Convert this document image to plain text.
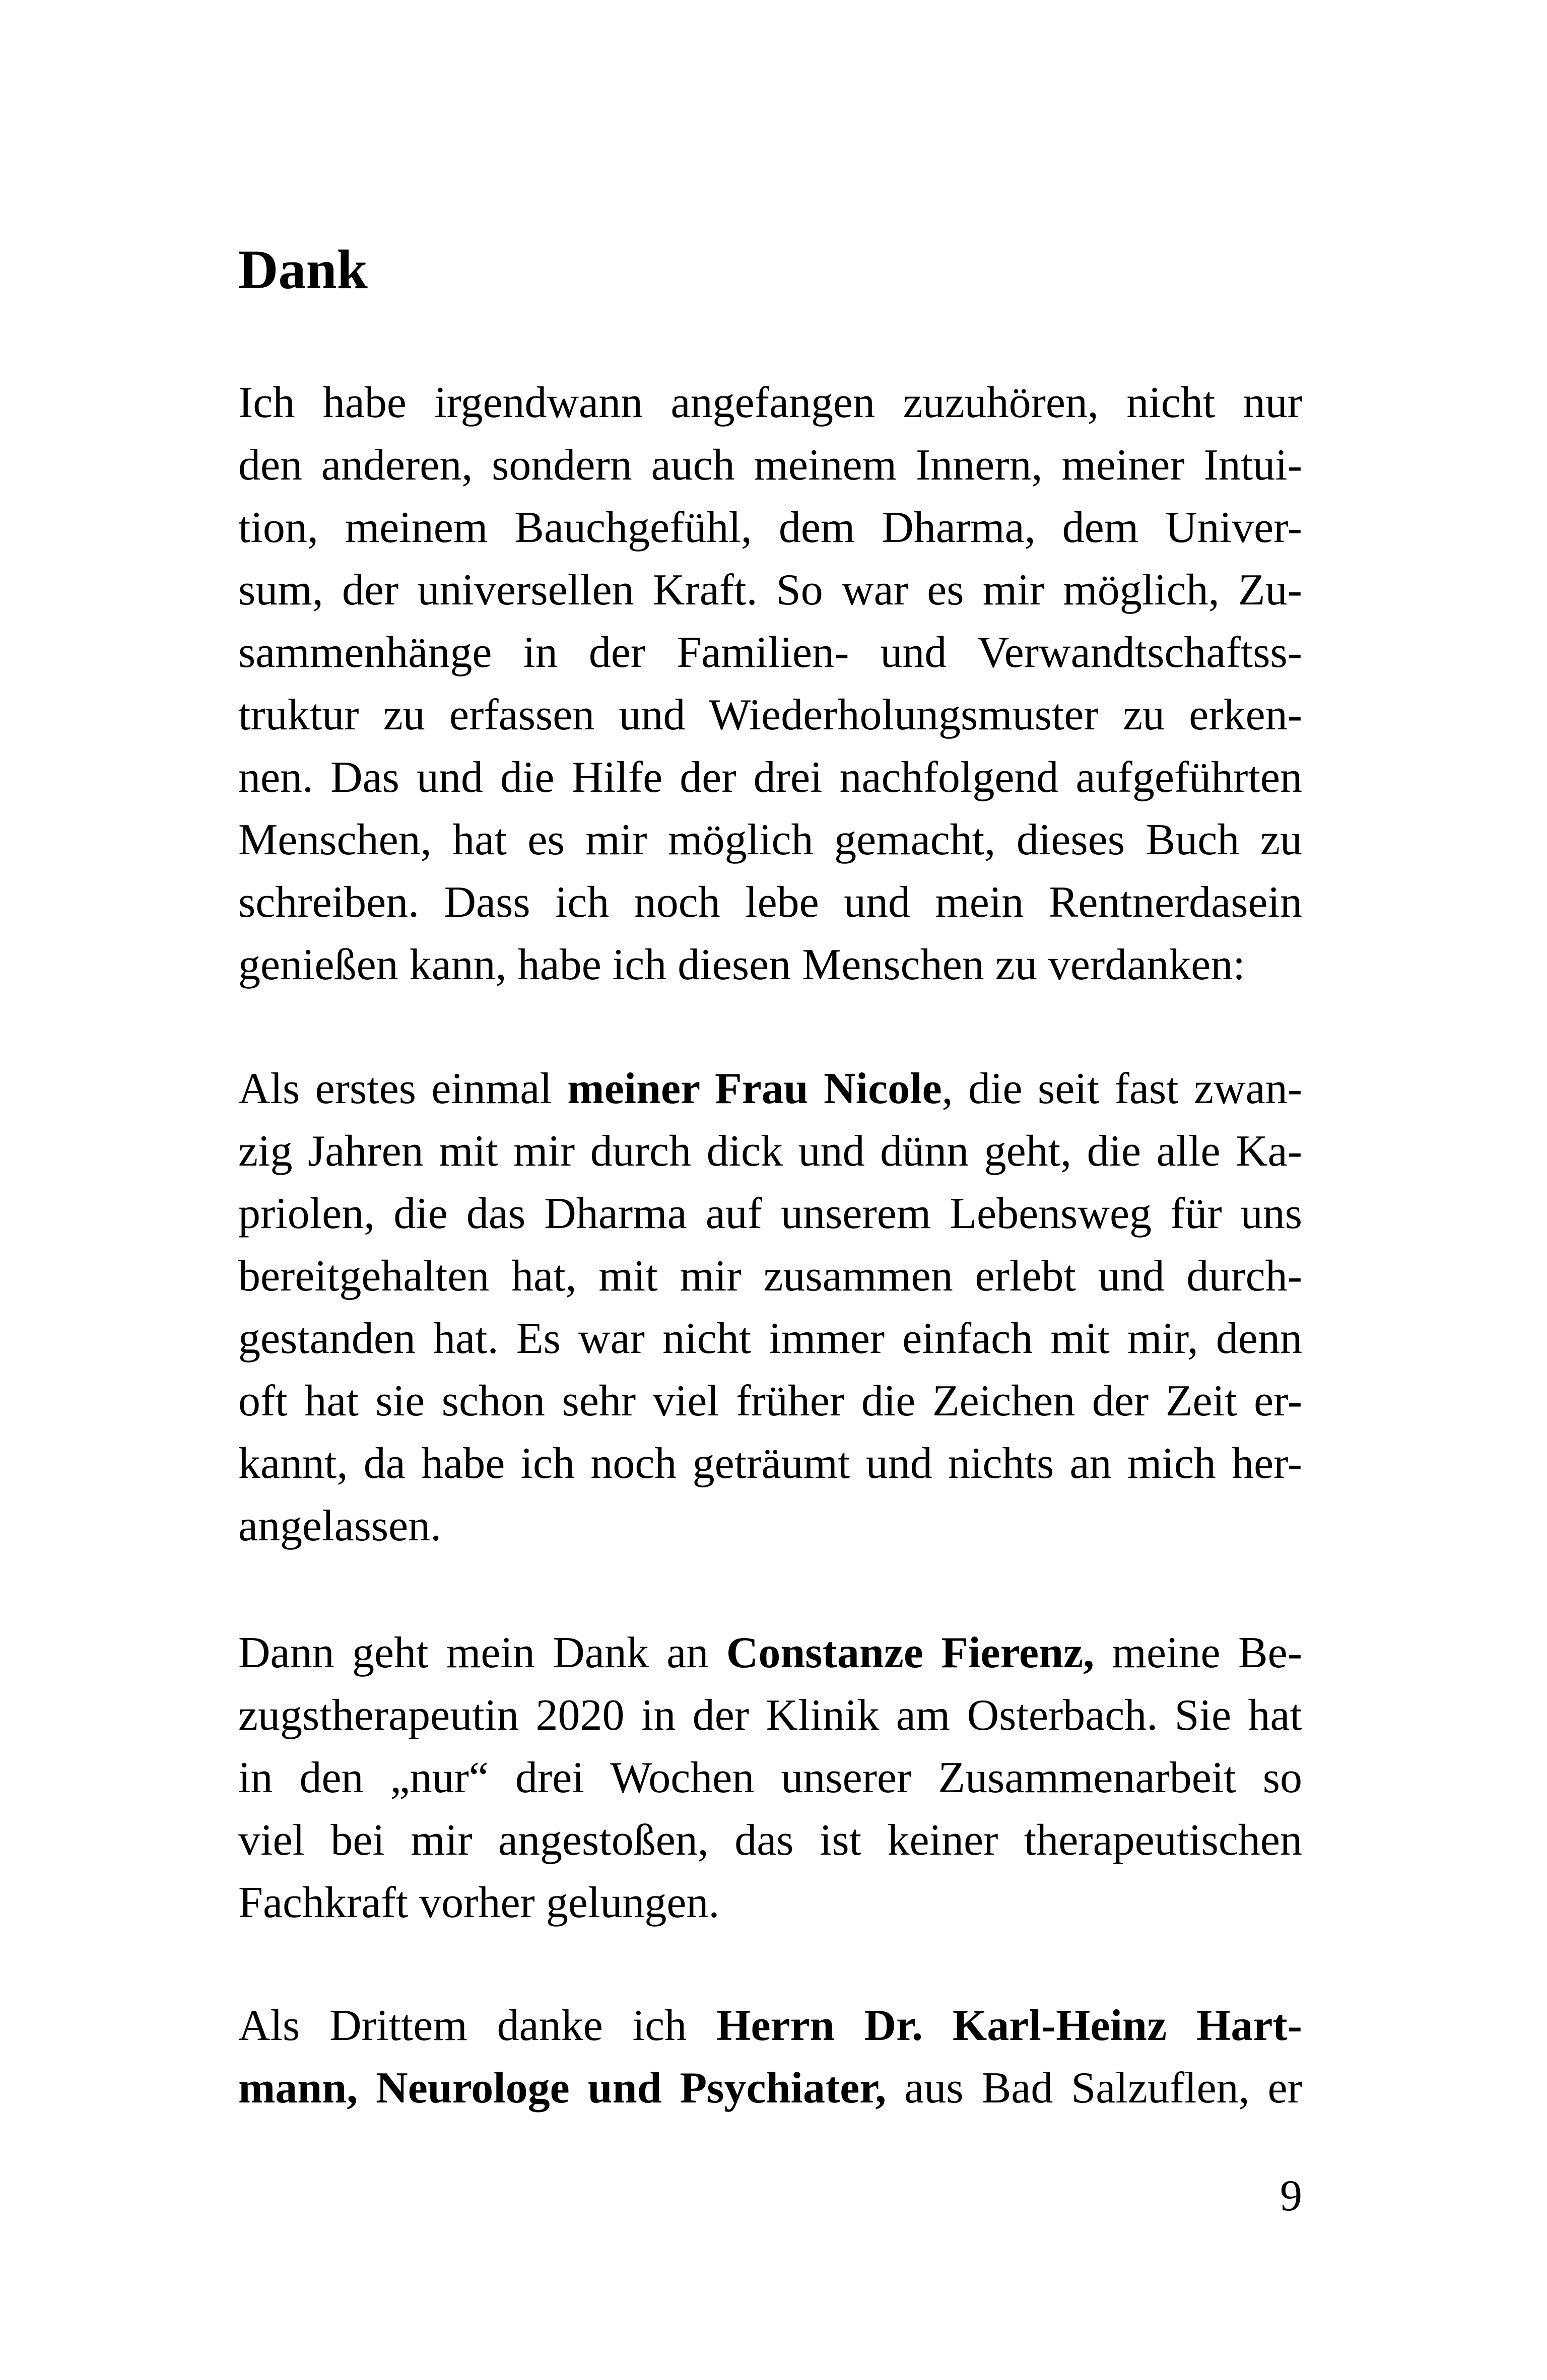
Dank
Ich habe irgendwann angefangen zuzuhören, nicht nur
den anderen, sondern auch meinem Innern, meiner Intui-
tion, meinem Bauchgefühl, dem Dharma, dem Univer-
sum, der universellen Kraft. So war es mir möglich, Zu-
sammenhänge in der Familien- und Verwandtschaftss-
truktur zu erfassen und Wiederholungsmuster zu erken-
nen. Das und die Hilfe der drei nachfolgend aufgeführten
Menschen, hat es mir möglich gemacht, dieses Buch zu
schreiben. Dass ich noch lebe und mein Rentnerdasein
genießen kann, habe ich diesen Menschen zu verdanken:
Als erstes einmal meiner Frau Nicole, die seit fast zwan-
zig Jahren mit mir durch dick und dünn geht, die alle Ka-
priolen, die das Dharma auf unserem Lebensweg für uns
bereitgehalten hat, mit mir zusammen erlebt und durch-
gestanden hat. Es war nicht immer einfach mit mir, denn
oft hat sie schon sehr viel früher die Zeichen der Zeit er-
kannt, da habe ich noch geträumt und nichts an mich her-
angelassen.
Dann geht mein Dank an Constanze Fierenz, meine Be-
zugstherapeutin 2020 in der Klinik am Osterbach. Sie hat
in den „nur“ drei Wochen unserer Zusammenarbeit so
viel bei mir angestoßen, das ist keiner therapeutischen
Fachkraft vorher gelungen.
Als Drittem danke ich Herrn Dr. Karl-Heinz Hart-
mann, Neurologe und Psychiater, aus Bad Salzuflen, er
9
